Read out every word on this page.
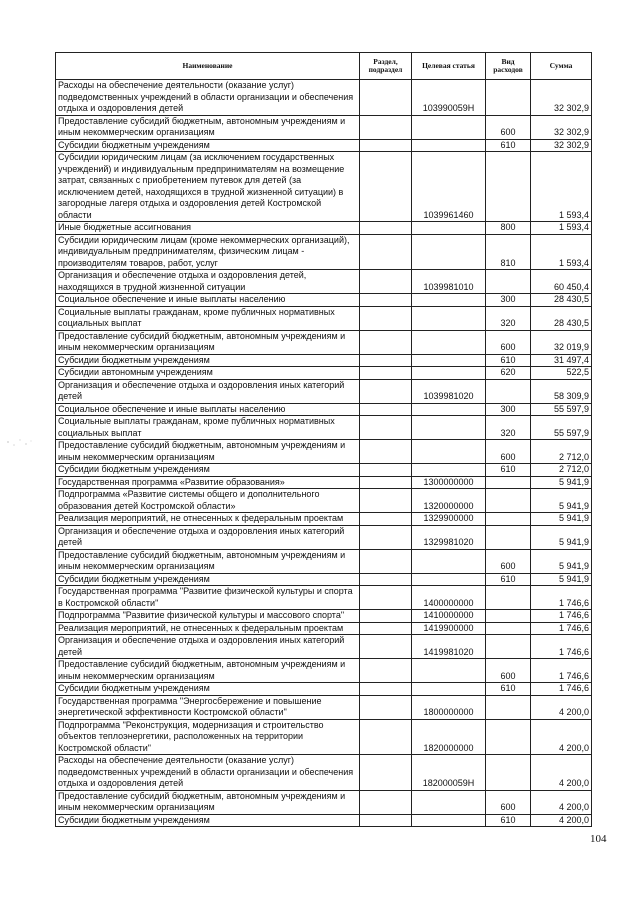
Наименование	Раздел, подраздел	Целевая статья	Вид расходов	Сумма
Расходы на обеспечение деятельности (оказание услуг) подведомственных учреждений в области организации и обеспечения отдыха и оздоровления детей		103990059Н		32 302,9
Предоставление субсидий бюджетным, автономным учреждениям и иным некоммерческим организациям			600	32 302,9
Субсидии бюджетным учреждениям			610	32 302,9
Субсидии юридическим лицам (за исключением государственных учреждений) и индивидуальным предпринимателям на возмещение затрат, связанных с приобретением путевок для детей (за исключением детей, находящихся в трудной жизненной ситуации) в загородные лагеря отдыха и оздоровления детей Костромской области		1039961460		1 593,4
Иные бюджетные ассигнования			800	1 593,4
Субсидии юридическим лицам (кроме некоммерческих организаций), индивидуальным предпринимателям, физическим лицам - производителям товаров, работ, услуг			810	1 593,4
Организация и обеспечение отдыха и оздоровления детей, находящихся в трудной жизненной ситуации		1039981010		60 450,4
Социальное обеспечение и иные выплаты населению			300	28 430,5
Социальные выплаты гражданам, кроме публичных нормативных социальных выплат			320	28 430,5
Предоставление субсидий бюджетным, автономным учреждениям и иным некоммерческим организациям			600	32 019,9
Субсидии бюджетным учреждениям			610	31 497,4
Субсидии автономным учреждениям			620	522,5
Организация и обеспечение отдыха и оздоровления иных категорий детей		1039981020		58 309,9
Социальное обеспечение и иные выплаты населению			300	55 597,9
Социальные выплаты гражданам, кроме публичных нормативных социальных выплат			320	55 597,9
Предоставление субсидий бюджетным, автономным учреждениям и иным некоммерческим организациям			600	2 712,0
Субсидии бюджетным учреждениям			610	2 712,0
Государственная программа «Развитие образования»		1300000000		5 941,9
Подпрограмма «Развитие системы общего и дополнительного образования детей Костромской области»		1320000000		5 941,9
Реализация мероприятий, не отнесенных к федеральным проектам		1329900000		5 941,9
Организация и обеспечение отдыха и оздоровления иных категорий детей		1329981020		5 941,9
Предоставление субсидий бюджетным, автономным учреждениям и иным некоммерческим организациям			600	5 941,9
Субсидии бюджетным учреждениям			610	5 941,9
Государственная программа "Развитие физической культуры и спорта в Костромской области"		1400000000		1 746,6
Подпрограмма "Развитие физической культуры и массового спорта"		1410000000		1 746,6
Реализация мероприятий, не отнесенных к федеральным проектам		1419900000		1 746,6
Организация и обеспечение отдыха и оздоровления иных категорий детей		1419981020		1 746,6
Предоставление субсидий бюджетным, автономным учреждениям и иным некоммерческим организациям			600	1 746,6
Субсидии бюджетным учреждениям			610	1 746,6
Государственная программа "Энергосбережение и повышение энергетической эффективности Костромской области"		1800000000		4 200,0
Подпрограмма "Реконструкция, модернизация и строительство объектов теплоэнергетики, расположенных на территории Костромской области"		1820000000		4 200,0
Расходы на обеспечение деятельности (оказание услуг) подведомственных учреждений в области организации и обеспечения отдыха и оздоровления детей		182000059Н		4 200,0
Предоставление субсидий бюджетным, автономным учреждениям и иным некоммерческим организациям			600	4 200,0
Субсидии бюджетным учреждениям			610	4 200,0
104
